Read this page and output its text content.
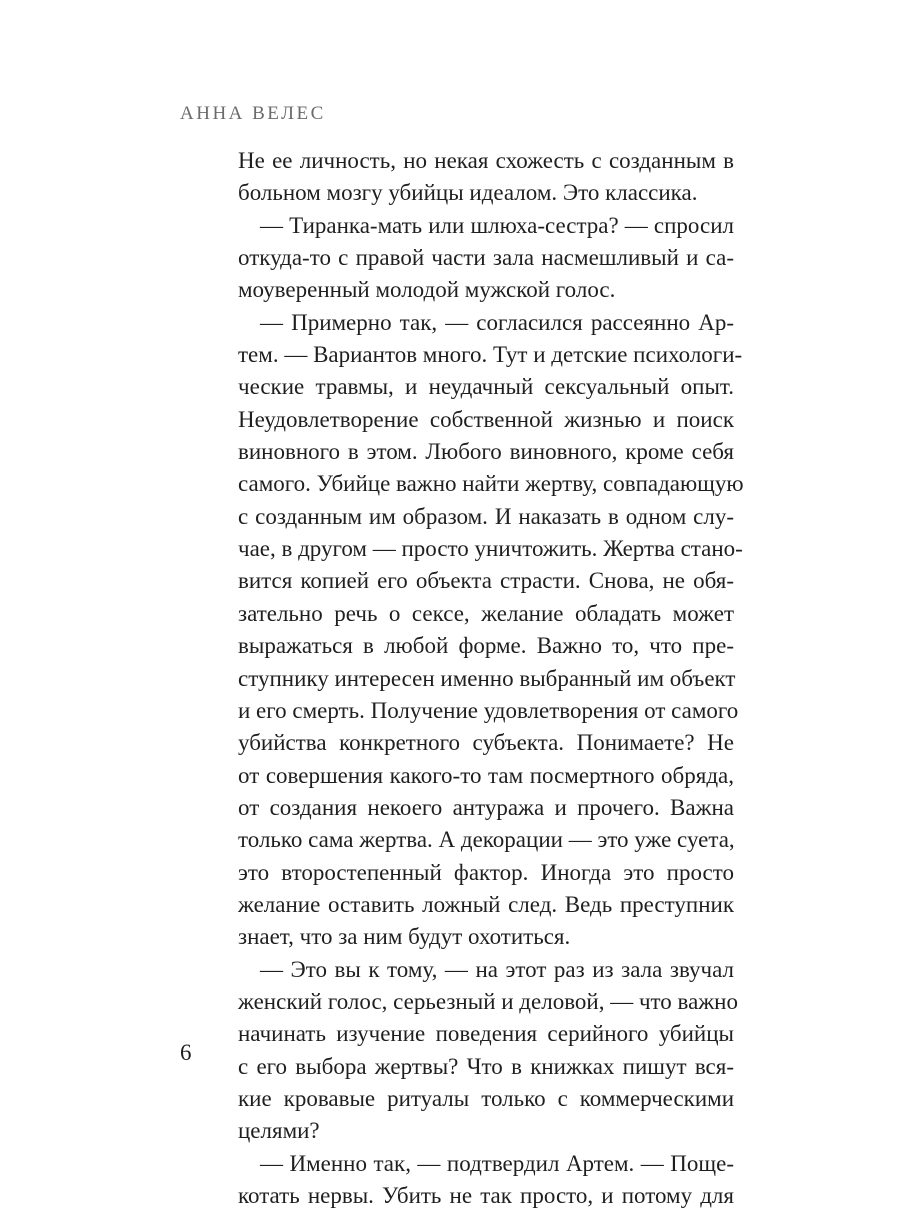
АННА ВЕЛЕС
Не ее личность, но некая схожесть с созданным в
больном мозгу убийцы идеалом. Это классика.
— Тиранка-мать или шлюха-сестра? — спросил
откуда-то с правой части зала насмешливый и са-
моуверенный молодой мужской голос.
— Примерно так, — согласился рассеянно Ар-
тем. — Вариантов много. Тут и детские психологи-
ческие травмы, и неудачный сексуальный опыт.
Неудовлетворение собственной жизнью и поиск
виновного в этом. Любого виновного, кроме себя
самого. Убийце важно найти жертву, совпадающую
с созданным им образом. И наказать в одном слу-
чае, в другом — просто уничтожить. Жертва стано-
вится копией его объекта страсти. Снова, не обя-
зательно речь о сексе, желание обладать может
выражаться в любой форме. Важно то, что пре-
ступнику интересен именно выбранный им объект
и его смерть. Получение удовлетворения от самого
убийства конкретного субъекта. Понимаете? Не
от совершения какого-то там посмертного обряда,
от создания некоего антуража и прочего. Важна
только сама жертва. А декорации — это уже суета,
это второстепенный фактор. Иногда это просто
желание оставить ложный след. Ведь преступник
знает, что за ним будут охотиться.
— Это вы к тому, — на этот раз из зала звучал
женский голос, серьезный и деловой, — что важно
начинать изучение поведения серийного убийцы
с его выбора жертвы? Что в книжках пишут вся-
кие кровавые ритуалы только с коммерческими
целями?
— Именно так, — подтвердил Артем. — Поще-
котать нервы. Убить не так просто, и потому для
6
